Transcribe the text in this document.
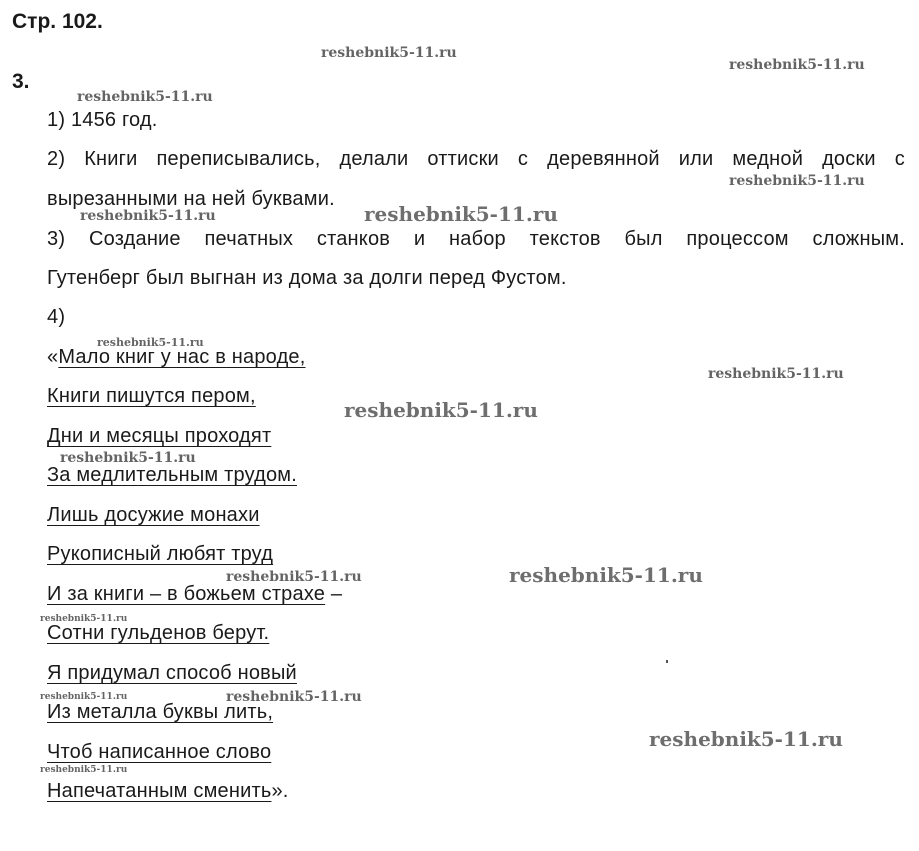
Стр. 102.
3.
1) 1456 год.
2) Книги переписывались, делали оттиски с деревянной или медной доски с
вырезанными на ней буквами.
3) Создание печатных станков и набор текстов был процессом сложным.
Гутенберг был выгнан из дома за долги перед Фустом.
4)
«Мало книг у нас в народе,
Книги пишутся пером,
Дни и месяцы проходят
За медлительным трудом.
Лишь досужие монахи
Рукописный любят труд
И за книги – в божьем страхе –
Сотни гульденов берут.
Я придумал способ новый
Из металла буквы лить,
Чтоб написанное слово
Напечатанным сменить».
reshebnik5-11.ru
reshebnik5-11.ru
reshebnik5-11.ru
reshebnik5-11.ru
reshebnik5-11.ru	reshebnik5-11.ru
reshebnik5-11.ru
reshebnik5-11.ru
reshebnik5-11.ru
reshebnik5-11.ru
reshebnik5-11.ru
reshebnik5-11.ru
reshebnik5-11.ru
reshebnik5-11.ru	reshebnik5-11.ru
reshebnik5-11.ru
reshebnik5-11.ru
